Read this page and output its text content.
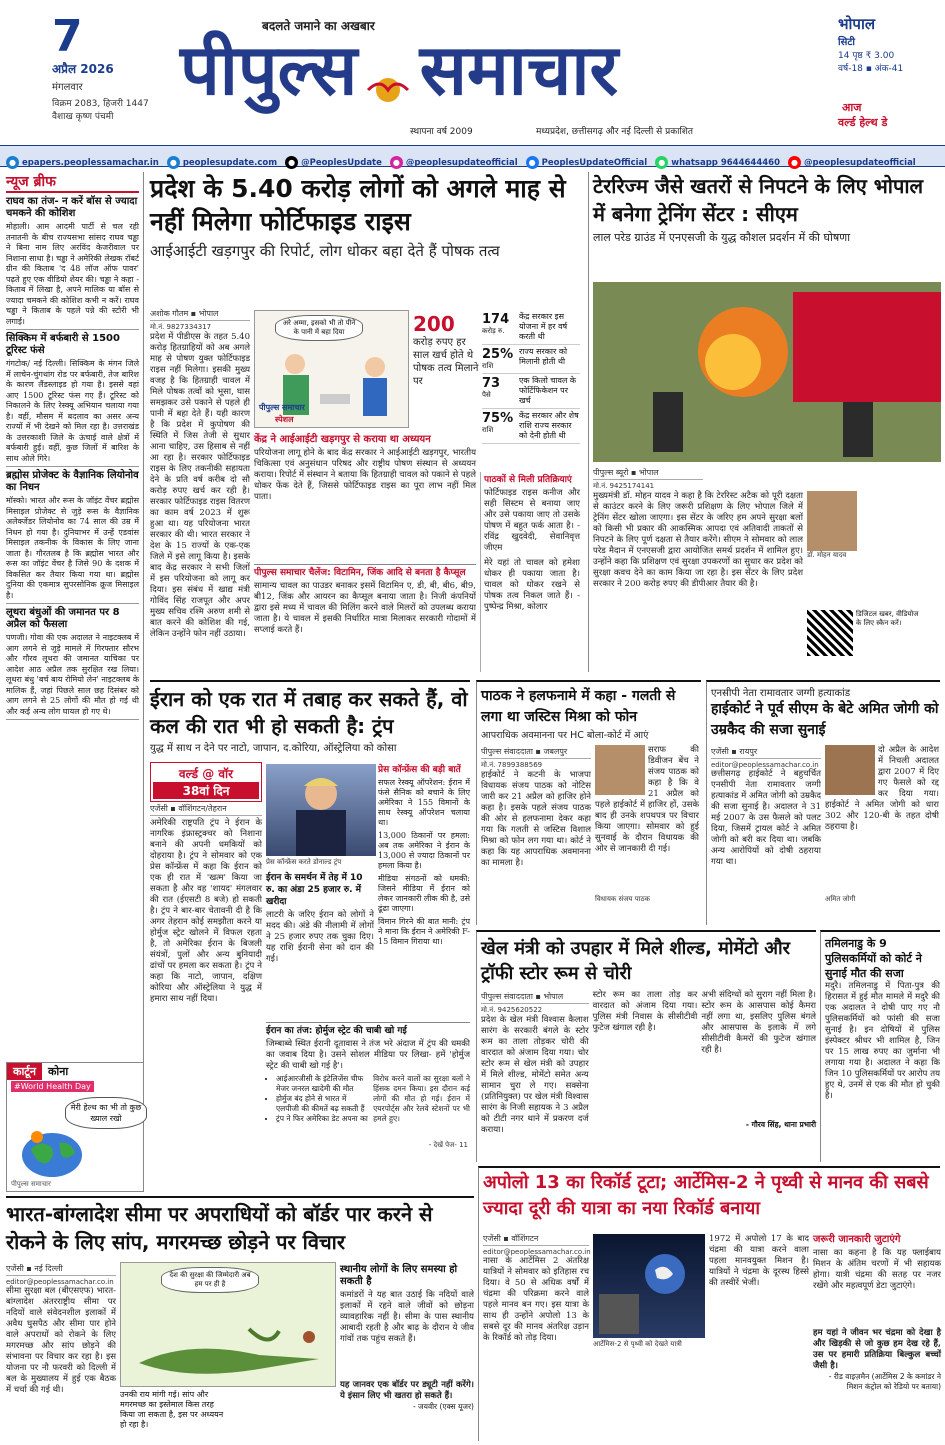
7
अप्रैल 2026
मंगलवार
विक्रम 2083, हिजरी 1447
वैशाख कृष्ण पंचमी
बदलते जमाने का अखबार
पीपुल्स समाचार
स्थापना वर्ष 2009	मध्यप्रदेश, छत्तीसगढ़ और नई दिल्ली से प्रकाशित
भोपाल
सिटी
14 पृष्ठ ₹ 3.00
वर्ष-18 ▪ अंक-41
आज
वर्ल्ड हेल्थ डे
● epapers.peoplessamachar.in	● peoplesupdate.com	● @PeoplesUpdate	● @peoplesupdateofficial	● PeoplesUpdateOfficial	● whatsapp 9644644460	● @peoplesupdateofficial
न्यूज ब्रीफ
राघव का तंज- न करें बॉस से ज्यादा चमकने की कोशिश

मोहाली। आम आदमी पार्टी से चल रही तनातनी के बीच राज्यसभा सांसद राघव चड्ढा ने बिना नाम लिए अरविंद केजरीवाल पर निशाना साधा है। चड्ढा ने अमेरिकी लेखक रॉबर्ट ग्रीन की किताब 'द 48 लॉज ऑफ पावर' पढ़ते हुए एक वीडियो शेयर की। चड्ढा ने कहा - किताब में लिखा है, अपने मालिक या बॉस से ज्यादा चमकने की कोशिश कभी न करें। राघव चड्ढा ने किताब के पहले पन्ने की स्टोरी भी लगाई।

सिक्किम में बर्फबारी से 1500 टूरिस्ट फंसे

गंगटोक/ नई दिल्ली। सिक्किम के मंगन जिले में लाचेन-चुंगथांग रोड पर बर्फबारी, तेज बारिश के कारण लैंडस्लाइड हो गया है। इससे वहां आए 1500 टूरिस्ट फंस गए हैं। टूरिस्ट को निकालने के लिए रेस्क्यू अभियान चलाया गया है। वहीं, मौसम में बदलाव का असर अन्य राज्यों में भी देखने को मिल रहा है। उत्तराखंड के उत्तरकाशी जिले के ऊंचाई वाले क्षेत्रों में बर्फबारी हुई। वहीं, कुछ जिलों में बारिश के साथ ओले गिरे।

ब्रह्मोस प्रोजेक्ट के वैज्ञानिक लियोनोव का निधन

मॉस्को। भारत और रूस के जॉइंट वेंचर ब्रह्मोस मिसाइल प्रोजेक्ट से जुड़े रूस के वैज्ञानिक अलेक्जेंडर लियोनोव का 74 साल की उम्र में निधन हो गया है। दुनियाभर में उन्हें एडवांस मिसाइल तकनीक के विकास के लिए जाना जाता है। गौरतलब है कि ब्रह्मोस भारत और रूस का जॉइंट वेंचर है जिसे 90 के दशक में विकसित कर तैयार किया गया था। ब्रह्मोस दुनिया की एकमात्र सुपरसोनिक क्रूज मिसाइल है।

लूथरा बंधुओं की जमानत पर 8 अप्रैल को फैसला

पणजी। गोवा की एक अदालत ने नाइटक्लब में आग लगने से जुड़े मामले में गिरफ्तार सौरभ और गौरव लूथरा की जमानत याचिका पर आदेश आठ अप्रैल तक सुरक्षित रख लिया। लूथरा बंधु 'बर्च बाय रोमियो लेन' नाइटक्लब के मालिक हैं, जहां पिछले साल छह दिसंबर को आग लगने से 25 लोगों की मौत हो गई थी और कई अन्य लोग घायल हो गए थे।

कार्टून	कोना
#World Health Day
मेरी हेल्थ का भी तो कुछ ख्याल रखो
पीपुल्स समाचार
प्रदेश के 5.40 करोड़ लोगों को अगले माह से नहीं मिलेगा फोर्टिफाइड राइस
आईआईटी खड़गपुर की रिपोर्ट, लोग धोकर बहा देते हैं पोषक तत्व
अशोक गौतम ▪ भोपाल
मो.नं. 9827334317

प्रदेश में पीडीएस के तहत 5.40 करोड़ हितग्राहियों को अब अगले माह से पोषण युक्त फोर्टिफाइड राइस नहीं मिलेगा। इसकी मुख्य वजह है कि हितग्राही चावल में मिले पोषक तत्वों को भूसा, घास समझकर उसे पकाने से पहले ही पानी में बहा देते हैं। यही कारण है कि प्रदेश में कुपोषण की स्थिति में जिस तेजी से सुधार आना चाहिए, उस हिसाब से नहीं आ रहा है। सरकार फोर्टिफाइड राइस के लिए तकनीकी सहायता देने के प्रति वर्ष करीब दो सौ करोड़ रुपए खर्च कर रही है। सरकार फोर्टिफाइड राइस वितरण का काम वर्ष 2023 में शुरू हुआ था। यह परियोजना भारत सरकार की थी। भारत सरकार ने देश के 15 राज्यों के एक-एक जिले में इसे लागू किया है। इसके बाद केंद्र सरकार ने सभी जिलों में इस परियोजना को लागू कर दिया। इस संबंध में खाद्य मंत्री गोविंद सिंह राजपूत और अपर मुख्य सचिव रश्मि अरुण शमी से बात करने की कोशिश की गई, लेकिन उन्होंने फोन नहीं उठाया।

अरे अम्मा, इसको भी तो पीने के पानी में बहा दिया
पीपुल्स समाचार
स्पेशल
200
करोड़ रुपए हर साल खर्च होते थे पोषक तत्व मिलाने पर
174
करोड़ रु.
केंद्र सरकार इस योजना में हर वर्ष करती थी
25%
राशि
राज्य सरकार को मिलानी होती थी
73
पैसे
एक किलो चावल के फोर्टिफिकेशन पर खर्च
75%
राशि
केंद्र सरकार और शेष राशि राज्य सरकार को देनी होती थी
केंद्र ने आईआईटी खड़गपुर से कराया था अध्ययन

परियोजना लागू होने के बाद केंद्र सरकार ने आईआईटी खड़गपुर, भारतीय चिकित्सा एवं अनुसंधान परिषद और राष्ट्रीय पोषण संस्थान से अध्ययन कराया। रिपोर्ट में संस्थान ने बताया कि हितग्राही चावल को पकाने से पहले धोकर फेंक देते हैं, जिससे फोर्टिफाइड राइस का पूरा लाभ नहीं मिल पाता।

पीपुल्स समाचार चैलेंज: विटामिन, जिंक आदि से बनता है कैप्सूल

सामान्य चावल का पाउडर बनाकर इसमें विटामिन ए, डी, बी, बी6, बी9, बी12, जिंक और आयरन का कैप्सूल बनाया जाता है। निजी कंपनियों द्वारा इसे मध्य में चावल की मिलिंग करने वाले मिलरों को उपलब्ध कराया जाता है। ये चावल में इसकी निर्धारित मात्रा मिलाकर सरकारी गोदामों में सप्लाई करते हैं।

पाठकों से मिली प्रतिक्रियाएं

फोर्टिफाइड राइस कनीज और सही सिस्टम से बनाया जाए और उसे पकाया जाए तो उसके पोषण में बहुत फर्क आता है। - रविंद्र खुदवेदी, सेवानिवृत्त जीएम

मेरे यहां तो चावल को हमेशा धोकर ही पकाया जाता है। चावल को धोकर रखने से पोषक तत्व निकल जाते हैं। - पुष्पेन्द्र मिश्रा, कोलार

टेररिज्म जैसे खतरों से निपटने के लिए भोपाल में बनेगा ट्रेनिंग सेंटर : सीएम
लाल परेड ग्राउंड में एनएसजी के युद्ध कौशल प्रदर्शन में की घोषणा
पीपुल्स ब्यूरो ▪ भोपाल
मो.नं. 9425174141

मुख्यमंत्री डॉ. मोहन यादव ने कहा है कि टेररिस्ट अटैक को पूरी दक्षता से काउंटर करने के लिए जरूरी प्रशिक्षण के लिए भोपाल जिले में ट्रेनिंग सेंटर खोला जाएगा। इस सेंटर के जरिए हम अपने सुरक्षा बलों को किसी भी प्रकार की आकस्मिक आपदा एवं अतिवादी ताकतों से निपटने के लिए पूर्ण दक्षता से तैयार करेंगे। सीएम ने सोमवार को लाल परेड मैदान में एनएसजी द्वारा आयोजित समर्थ प्रदर्शन में शामिल हुए। उन्होंने कहा कि प्रशिक्षण एवं सुरक्षा उपकरणों का सुधार कर प्रदेश को सुरक्षा कवच देने का काम किया जा रहा है। इस सेंटर के लिए प्रदेश सरकार ने 200 करोड़ रुपए की डीपीआर तैयार की है।

डॉ. मोहन यादव
डिजिटल खबर, वीडियोज के लिए स्कैन करें।
ईरान को एक रात में तबाह कर सकते हैं, वो कल की रात भी हो सकती है: ट्रंप
युद्ध में साथ न देने पर नाटो, जापान, द.कोरिया, ऑस्ट्रेलिया को कोसा
वर्ल्ड @ वॉर
38वां दिन
एजेंसी ▪ वॉशिंगटन/तेहरान

अमेरिकी राष्ट्रपति ट्रंप ने ईरान के नागरिक इंफ्रास्ट्रक्चर को निशाना बनाने की अपनी धमकियों को दोहराया है। ट्रंप ने सोमवार को एक प्रेस कॉन्फ्रेंस में कहा कि ईरान को एक ही रात में 'खत्म' किया जा सकता है और वह 'शायद' मंगलवार की रात (ईएसटी 8 बजे) हो सकती है। ट्रंप ने बार-बार चेतावनी दी है कि अगर तेहरान कोई समझौता करने या होर्मुज स्ट्रेट खोलने में विफल रहता है, तो अमेरिका ईरान के बिजली संयंत्रों, पुलों और अन्य बुनियादी ढांचों पर हमला कर सकता है। ट्रंप ने कहा कि नाटो, जापान, दक्षिण कोरिया और ऑस्ट्रेलिया ने युद्ध में हमारा साथ नहीं दिया।

प्रेस कॉन्फ्रेंस करते डोनाल्ड ट्रंप
ईरान के समर्थन में तेह में 10 रु. का अंडा 25 हजार रु. में खरीदा

लाटरी के जरिए ईरान को लोगों ने मदद की। अंडे की नीलामी में लोगों ने 25 हजार रुपए तक चुका दिए। यह राशि ईरानी सेना को दान की गई।

ईरान का तंज: होर्मुज स्ट्रेट की चाबी खो गई

जिम्बाब्वे स्थित ईरानी दूतावास ने तंज भरे अंदाज में ट्रंप की धमकी का जवाब दिया है। उसने सोशल मीडिया पर लिखा- हमें 'होर्मुज स्ट्रेट की चाबी खो गई है'।

• आईआरजीसी के इंटेलिजेंस चीफ मेजर जनरल खादेमी की मौत
• होर्मुज बंद होने से भारत में एलपीजी की कीमतें बढ़ सकती हैं
• ट्रंप ने फिर अमेरिका डेट अपना का

विरोध करने वालों का सुरक्षा बलों ने हिंसक दमन किया। इस दौरान कई लोगों की मौत हो गई। ईरान में एयरपोर्ट्स और रेलवे स्टेशनों पर भी हमले हुए।

प्रेस कॉन्फ्रेंस की बड़ी बातें

सफल रेस्क्यू ऑपरेशन: ईरान में फंसे सैनिक को बचाने के लिए अमेरिका ने 155 विमानों के साथ रेस्क्यू ऑपरेशन चलाया था।

13,000 ठिकानों पर हमला: अब तक अमेरिका ने ईरान के 13,000 से ज्यादा ठिकानों पर हमला किया है।

मीडिया संगठनों को धमकी: जिसने मीडिया में ईरान को लेकर जानकारी लीक की है, उसे ढूंढा जाएगा।

विमान गिरने की बात मानी: ट्रंप ने माना कि ईरान ने अमेरिकी F-15 विमान गिराया था।

- देखें पेज- 11
पाठक ने हलफनामे में कहा - गलती से लगा था जस्टिस मिश्रा को फोन
आपराधिक अवमानना पर HC बोला-कोर्ट में आएं
पीपुल्स संवाददाता ▪ जबलपुर
मो.नं. 7899388569

हाईकोर्ट ने कटनी के भाजपा विधायक संजय पाठक को नोटिस जारी कर 21 अप्रैल को हाजिर होने कहा है। इसके पहले संजय पाठक की ओर से हलफनामा देकर कहा गया कि गलती से जस्टिस विशाल मिश्रा को फोन लग गया था। कोर्ट ने कहा कि यह आपराधिक अवमानना का मामला है।

सराफ की डिवीजन बेंच ने संजय पाठक को कहा है कि वे 21 अप्रैल को पहले हाईकोर्ट में हाजिर हों, उसके बाद ही उनके शपथपत्र पर विचार किया जाएगा। सोमवार को हुई सुनवाई के दौरान विधायक की ओर से जानकारी दी गई।

विधायक संजय पाठक
एनसीपी नेता रामावतार जग्गी हत्याकांड
हाईकोर्ट ने पूर्व सीएम के बेटे अमित जोगी को उम्रकैद की सजा सुनाई
एजेंसी ▪ रायपुर
editor@peoplessamachar.co.in

छत्तीसगढ़ हाईकोर्ट ने बहुचर्चित एनसीपी नेता रामावतार जग्गी हत्याकांड में अमित जोगी को उम्रकैद की सजा सुनाई है। अदालत ने 31 मई 2007 के उस फैसले को पलट दिया, जिसमें ट्रायल कोर्ट ने अमित जोगी को बरी कर दिया था। जबकि अन्य आरोपियों को दोषी ठहराया गया था।

दो अप्रैल के आदेश में निचली अदालत द्वारा 2007 में दिए गए फैसले को रद्द कर दिया गया। हाईकोर्ट ने अमित जोगी को धारा 302 और 120-बी के तहत दोषी ठहराया है।

अमित जोगी
खेल मंत्री को उपहार में मिले शील्ड, मोमेंटो और ट्रॉफी स्टोर रूम से चोरी
पीपुल्स संवाददाता ▪ भोपाल
मो.नं. 9425620522

प्रदेश के खेल मंत्री विश्वास कैलाश सारंग के सरकारी बंगले के स्टोर रूम का ताला तोड़कर चोरी की वारदात को अंजाम दिया गया। चोर स्टोर रूम से खेल मंत्री को उपहार में मिले शील्ड, मोमेंटो समेत अन्य सामान चुरा ले गए। सक्सेना (प्रतिनियुक्त) पर खेल मंत्री विश्वास सारंग के निजी सहायक ने 3 अप्रैल को टीटी नगर थाने में प्रकरण दर्ज कराया।

स्टोर रूम का ताला तोड़ कर वारदात को अंजाम दिया गया। पुलिस मंत्री निवास के सीसीटीवी फुटेज खंगाल रही है।

अभी संदिग्धों को सुराग नहीं मिला है। स्टोर रूम के आसपास कोई कैमरा नहीं लगा था, इसलिए पुलिस बंगले और आसपास के इलाके में लगे सीसीटीवी कैमरों की फुटेज खंगाल रही है।

- गौरव सिंह, थाना प्रभारी
तमिलनाडु के 9 पुलिसकर्मियों को कोर्ट ने सुनाई मौत की सजा

मदुरै। तमिलनाडु में पिता-पुत्र की हिरासत में हुई मौत मामले में मदुरै की एक अदालत ने दोषी पाए गए नौ पुलिसकर्मियों को फांसी की सजा सुनाई है। इन दोषियों में पुलिस इंस्पेक्टर श्रीधर भी शामिल है, जिन पर 15 लाख रुपए का जुर्माना भी लगाया गया है। अदालत ने कहा कि जिन 10 पुलिसकर्मियों पर आरोप तय हुए थे, उनमें से एक की मौत हो चुकी है।

भारत-बांग्लादेश सीमा पर अपराधियों को बॉर्डर पार करने से रोकने के लिए सांप, मगरमच्छ छोड़ने पर विचार
एजेंसी ▪ नई दिल्ली
editor@peoplessamachar.co.in

सीमा सुरक्षा बल (बीएसएफ) भारत-बांग्लादेश अंतरराष्ट्रीय सीमा पर नदियों वाले संवेदनशील इलाकों में अवैध घुसपैठ और सीमा पार होने वाले अपराधों को रोकने के लिए मगरमच्छ और सांप छोड़ने की संभावना पर विचार कर रहा है। इस योजना पर नौ फरवरी को दिल्ली में बल के मुख्यालय में हुई एक बैठक में चर्चा की गई थी।

देश की सुरक्षा की जिम्मेदारी अब हम पर ही है
उनकी राय मांगी गई। सांप और मगरमच्छ का इस्तेमाल किस तरह किया जा सकता है, इस पर अध्ययन हो रहा है।
स्थानीय लोगों के लिए समस्या हो सकती है

कमांडरों ने यह बात उठाई कि नदियों वाले इलाकों में रहने वाले जीवों को छोड़ना व्यावहारिक नहीं है। सीमा के पास स्थानीय आबादी रहती है और बाढ़ के दौरान ये जीव गांवों तक पहुंच सकते हैं।

यह जानवर एक बॉर्डर पर ड्यूटी नहीं करेंगे। ये इंसान लिए भी खतरा हो सकते हैं।

- जयवीर (एक्स यूजर)
अपोलो 13 का रिकॉर्ड टूटा; आर्टेमिस-2 ने पृथ्वी से मानव की सबसे ज्यादा दूरी की यात्रा का नया रिकॉर्ड बनाया
एजेंसी ▪ वॉशिंगटन
editor@peoplessamachar.co.in

नासा के आर्टेमिस 2 अंतरिक्ष यात्रियों ने सोमवार को इतिहास रच दिया। वे 50 से अधिक वर्षों में चंद्रमा की परिक्रमा करने वाले पहले मानव बन गए। इस यात्रा के साथ ही उन्होंने अपोलो 13 के सबसे दूर की मानव अंतरिक्ष उड़ान के रिकॉर्ड को तोड़ दिया।

आर्टेमिस-2 से पृथ्वी को देखते यात्री

1972 में अपोलो 17 के बाद चंद्रमा की यात्रा करने वाला पहला मानवयुक्त मिशन है। यात्रियों ने चंद्रमा के दूरस्थ हिस्से की तस्वीरें भेजीं।

जरूरी जानकारी जुटाएंगे

नासा का कहना है कि यह फ्लाईबाय मिशन के अंतिम चरणों में भी सहायक होगा। यात्री चंद्रमा की सतह पर नजर रखेंगे और महत्वपूर्ण डेटा जुटाएंगे।

हम यहां ने जीवन भर चंद्रमा को देखा है और खिड़की से जो कुछ हम देख रहे हैं, उस पर हमारी प्रतिक्रिया बिल्कुल बच्चों जैसी है।

- रीड वाइज़मैन (आर्टेमिस 2 के कमांडर ने मिशन कंट्रोल को रेडियो पर बताया)
